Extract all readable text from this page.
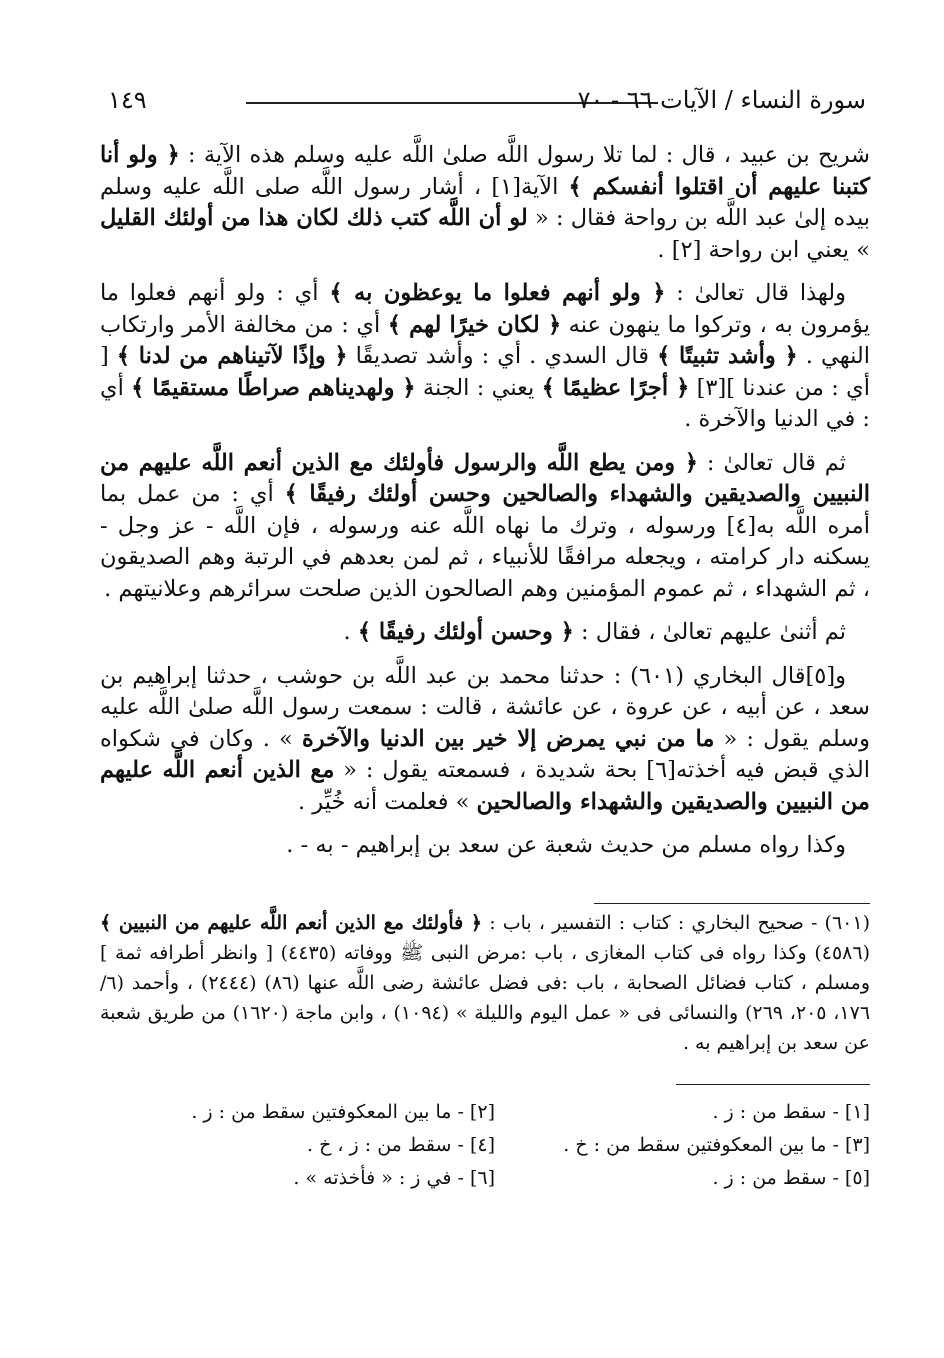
١٤٩	سورة النساء / الآيات ٦٦ - ٧٠

شريح بن عبيد ، قال : لما تلا رسول اللَّه صلىٰ اللَّه عليه وسلم هذه الآية : ﴿ ولو أنا كتبنا عليهم أن اقتلوا أنفسكم ﴾ الآية[١] ، أشار رسول اللَّه صلى اللَّه عليه وسلم بيده إلىٰ عبد اللَّه بن رواحة فقال : « لو أن اللَّه كتب ذلك لكان هذا من أولئك القليل » يعني ابن رواحة [٢] .

ولهذا قال تعالىٰ : ﴿ ولو أنهم فعلوا ما يوعظون به ﴾ أي : ولو أنهم فعلوا ما يؤمرون به ، وتركوا ما ينهون عنه ﴿ لكان خيرًا لهم ﴾ أي : من مخالفة الأمر وارتكاب النهي . ﴿ وأشد تثبيتًا ﴾ قال السدي . أي : وأشد تصديقًا ﴿ وإذًا لآتيناهم من لدنا ﴾ [ أي : من عندنا ][٣] ﴿ أجرًا عظيمًا ﴾ يعني : الجنة ﴿ ولهديناهم صراطًا مستقيمًا ﴾ أي : في الدنيا والآخرة .

ثم قال تعالىٰ : ﴿ ومن يطع اللَّه والرسول فأولئك مع الذين أنعم اللَّه عليهم من النبيين والصديقين والشهداء والصالحين وحسن أولئك رفيقًا ﴾ أي : من عمل بما أمره اللَّه به[٤] ورسوله ، وترك ما نهاه اللَّه عنه ورسوله ، فإن اللَّه - عز وجل - يسكنه دار كرامته ، ويجعله مرافقًا للأنبياء ، ثم لمن بعدهم في الرتبة وهم الصديقون ، ثم الشهداء ، ثم عموم المؤمنين وهم الصالحون الذين صلحت سرائرهم وعلانيتهم .

ثم أثنىٰ عليهم تعالىٰ ، فقال : ﴿ وحسن أولئك رفيقًا ﴾ .

و[٥]قال البخاري (٦٠١) : حدثنا محمد بن عبد اللَّه بن حوشب ، حدثنا إبراهيم بن سعد ، عن أبيه ، عن عروة ، عن عائشة ، قالت : سمعت رسول اللَّه صلىٰ اللَّه عليه وسلم يقول : « ما من نبي يمرض إلا خير بين الدنيا والآخرة » . وكان في شكواه الذي قبض فيه أخذته[٦] بحة شديدة ، فسمعته يقول : « مع الذين أنعم اللَّه عليهم من النبيين والصديقين والشهداء والصالحين » فعلمت أنه خُيِّر .

وكذا رواه مسلم من حديث شعبة عن سعد بن إبراهيم - به - .

(٦٠١) - صحيح البخاري : كتاب : التفسير ، باب : ﴿ فأولئك مع الذين أنعم اللَّه عليهم من النبيين ﴾ (٤٥٨٦) وكذا رواه فى كتاب المغازى ، باب :مرض النبى ﷺ ووفاته (٤٤٣٥) [ وانظر أطرافه ثمة ] ومسلم ، كتاب فضائل الصحابة ، باب :فى فضل عائشة رضى اللَّه عنها (٨٦) (٢٤٤٤) ، وأحمد (٦/ ١٧٦، ٢٠٥، ٢٦٩) والنسائى فى « عمل اليوم والليلة » (١٠٩٤) ، وابن ماجة (١٦٢٠) من طريق شعبة عن سعد بن إبراهيم به .
[١] - سقط من : ز .
[٢] - ما بين المعكوفتين سقط من : ز .
[٣] - ما بين المعكوفتين سقط من : خ .
[٤] - سقط من : ز ، خ .
[٥] - سقط من : ز .
[٦] - في ز : « فأخذته » .
